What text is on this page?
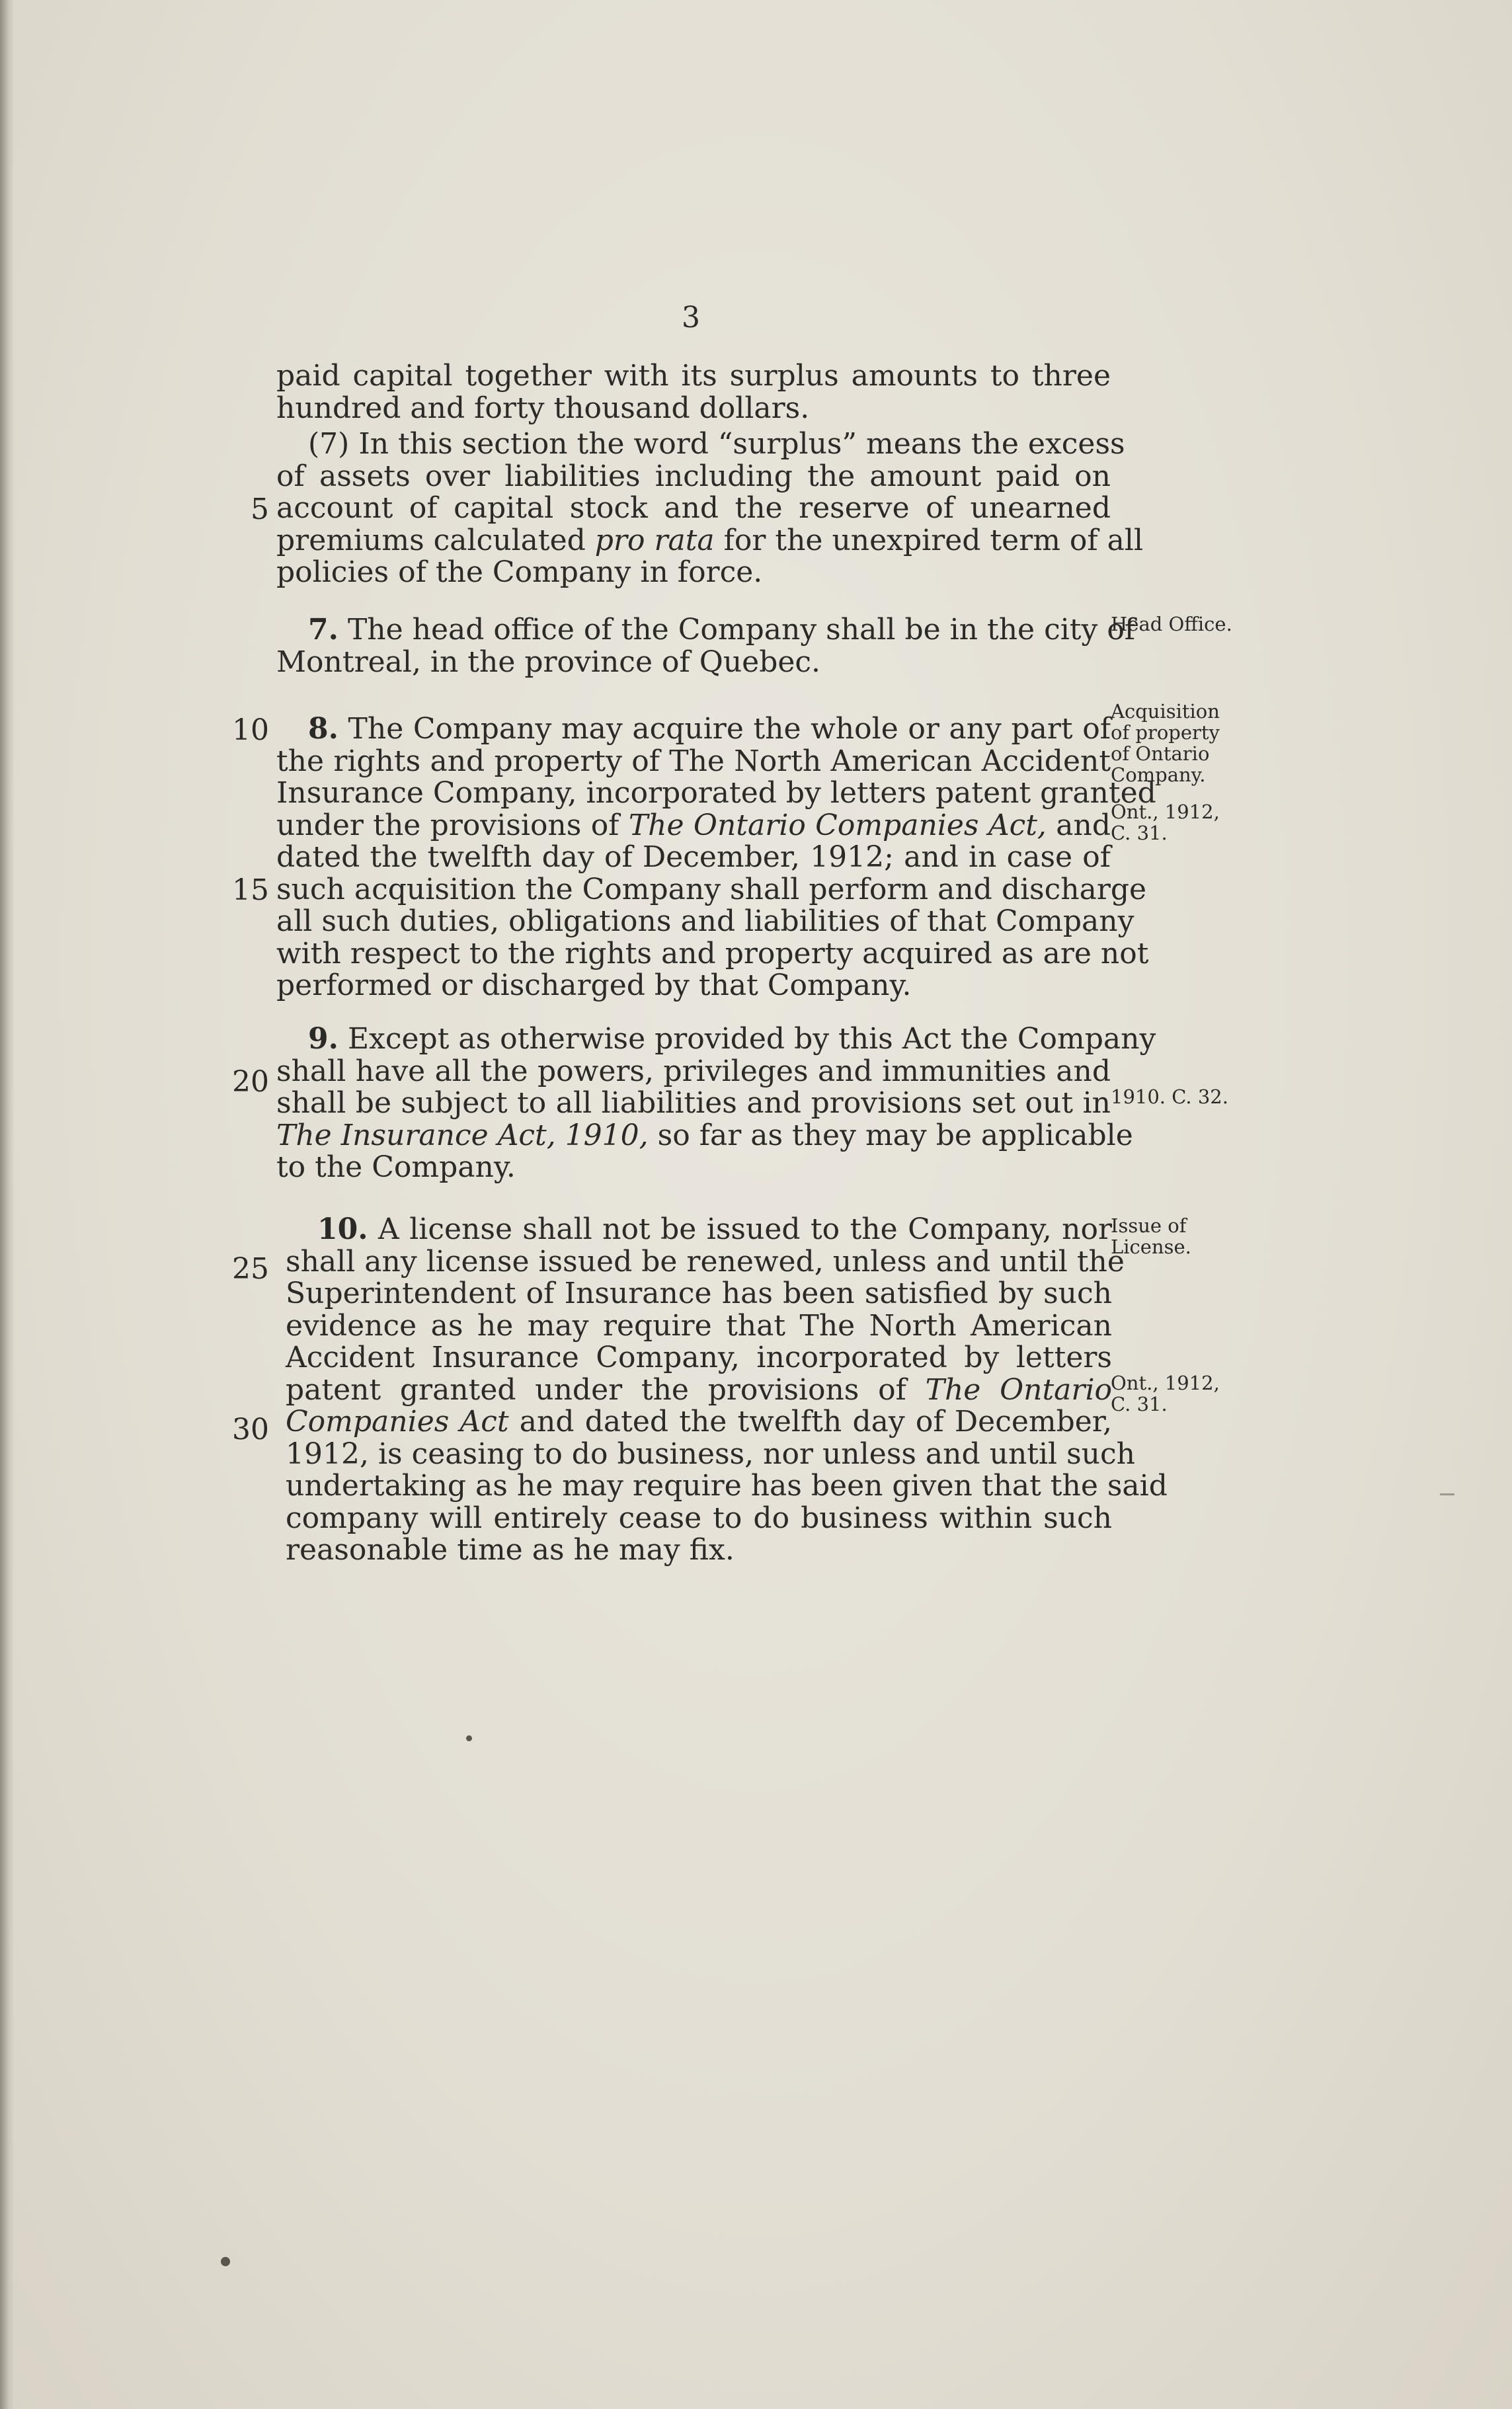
3
paid capital together with its surplus amounts to three
hundred and forty thousand dollars.
(7) In this section the word “surplus” means the excess
of assets over liabilities including the amount paid on
account of capital stock and the reserve of unearned
premiums calculated pro rata for the unexpired term of all
policies of the Company in force.
7. The head office of the Company shall be in the city of
Montreal, in the province of Quebec.
8. The Company may acquire the whole or any part of
the rights and property of The North American Accident
Insurance Company, incorporated by letters patent granted
under the provisions of The Ontario Companies Act, and
dated the twelfth day of December, 1912; and in case of
such acquisition the Company shall perform and discharge
all such duties, obligations and liabilities of that Company
with respect to the rights and property acquired as are not
performed or discharged by that Company.
9. Except as otherwise provided by this Act the Company
shall have all the powers, privileges and immunities and
shall be subject to all liabilities and provisions set out in
The Insurance Act, 1910, so far as they may be applicable
to the Company.
10. A license shall not be issued to the Company, nor
shall any license issued be renewed, unless and until the
Superintendent of Insurance has been satisfied by such
evidence as he may require that The North American
Accident Insurance Company, incorporated by letters
patent granted under the provisions of The Ontario
Companies Act and dated the twelfth day of December,
1912, is ceasing to do business, nor unless and until such
undertaking as he may require has been given that the said
company will entirely cease to do business within such
reasonable time as he may fix.
5
10
15
20
25
30
Head Office.
Acquisition
of property
of Ontario
Company.
Ont., 1912,
C. 31.
1910. C. 32.
Issue of
License.
Ont., 1912,
C. 31.
